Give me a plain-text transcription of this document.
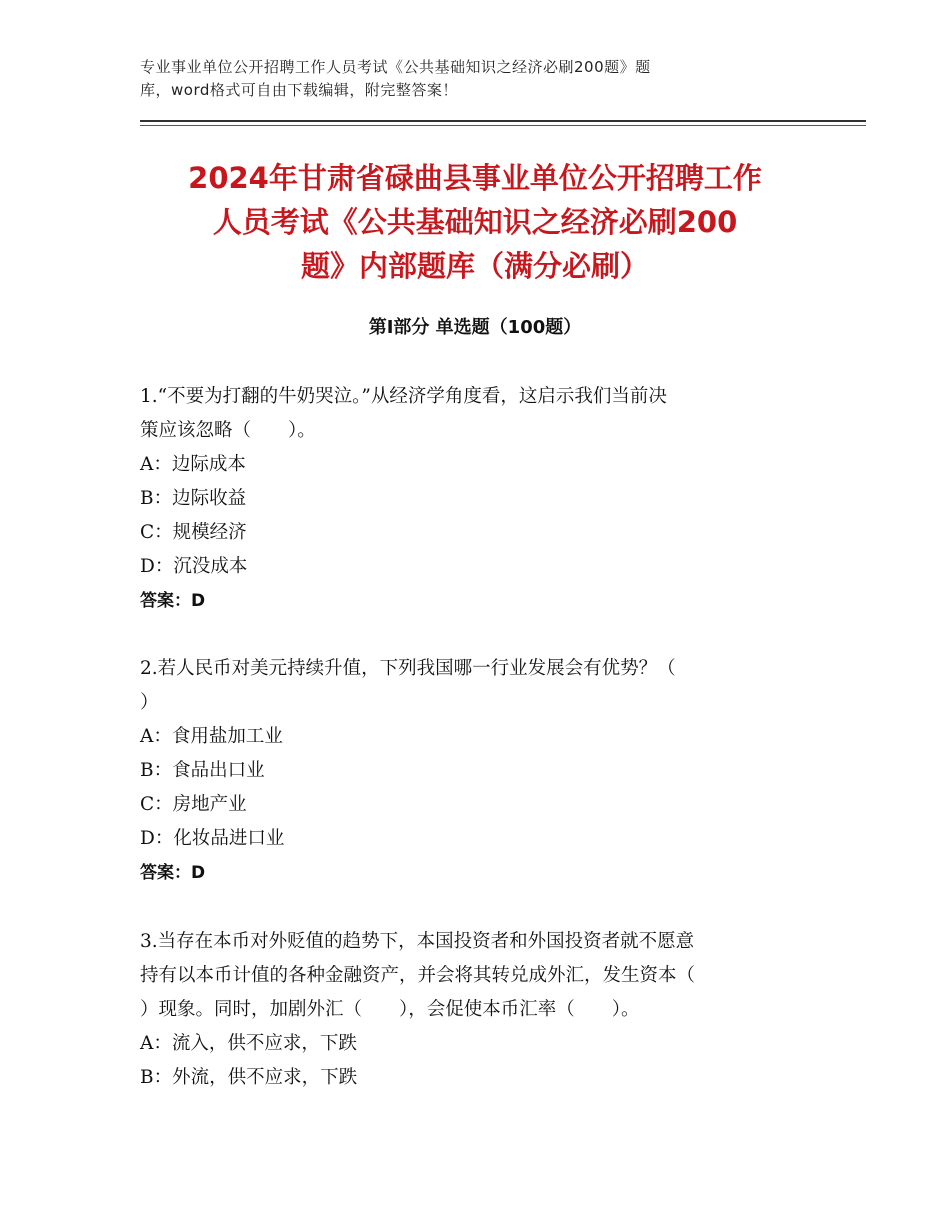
专业事业单位公开招聘工作人员考试《公共基础知识之经济必刷200题》题
库，word格式可自由下载编辑，附完整答案！
2024年甘肃省碌曲县事业单位公开招聘工作
人员考试《公共基础知识之经济必刷200
题》内部题库（满分必刷）
第Ⅰ部分 单选题（100题）
1.“不要为打翻的牛奶哭泣。”从经济学角度看，这启示我们当前决
策应该忽略（　　）。
A：边际成本
B：边际收益
C：规模经济
D：沉没成本
答案：D
2.若人民币对美元持续升值，下列我国哪一行业发展会有优势？（
）
A：食用盐加工业
B：食品出口业
C：房地产业
D：化妆品进口业
答案：D
3.当存在本币对外贬值的趋势下，本国投资者和外国投资者就不愿意
持有以本币计值的各种金融资产，并会将其转兑成外汇，发生资本（
）现象。同时，加剧外汇（　　），会促使本币汇率（　　）。
A：流入，供不应求，下跌
B：外流，供不应求，下跌
